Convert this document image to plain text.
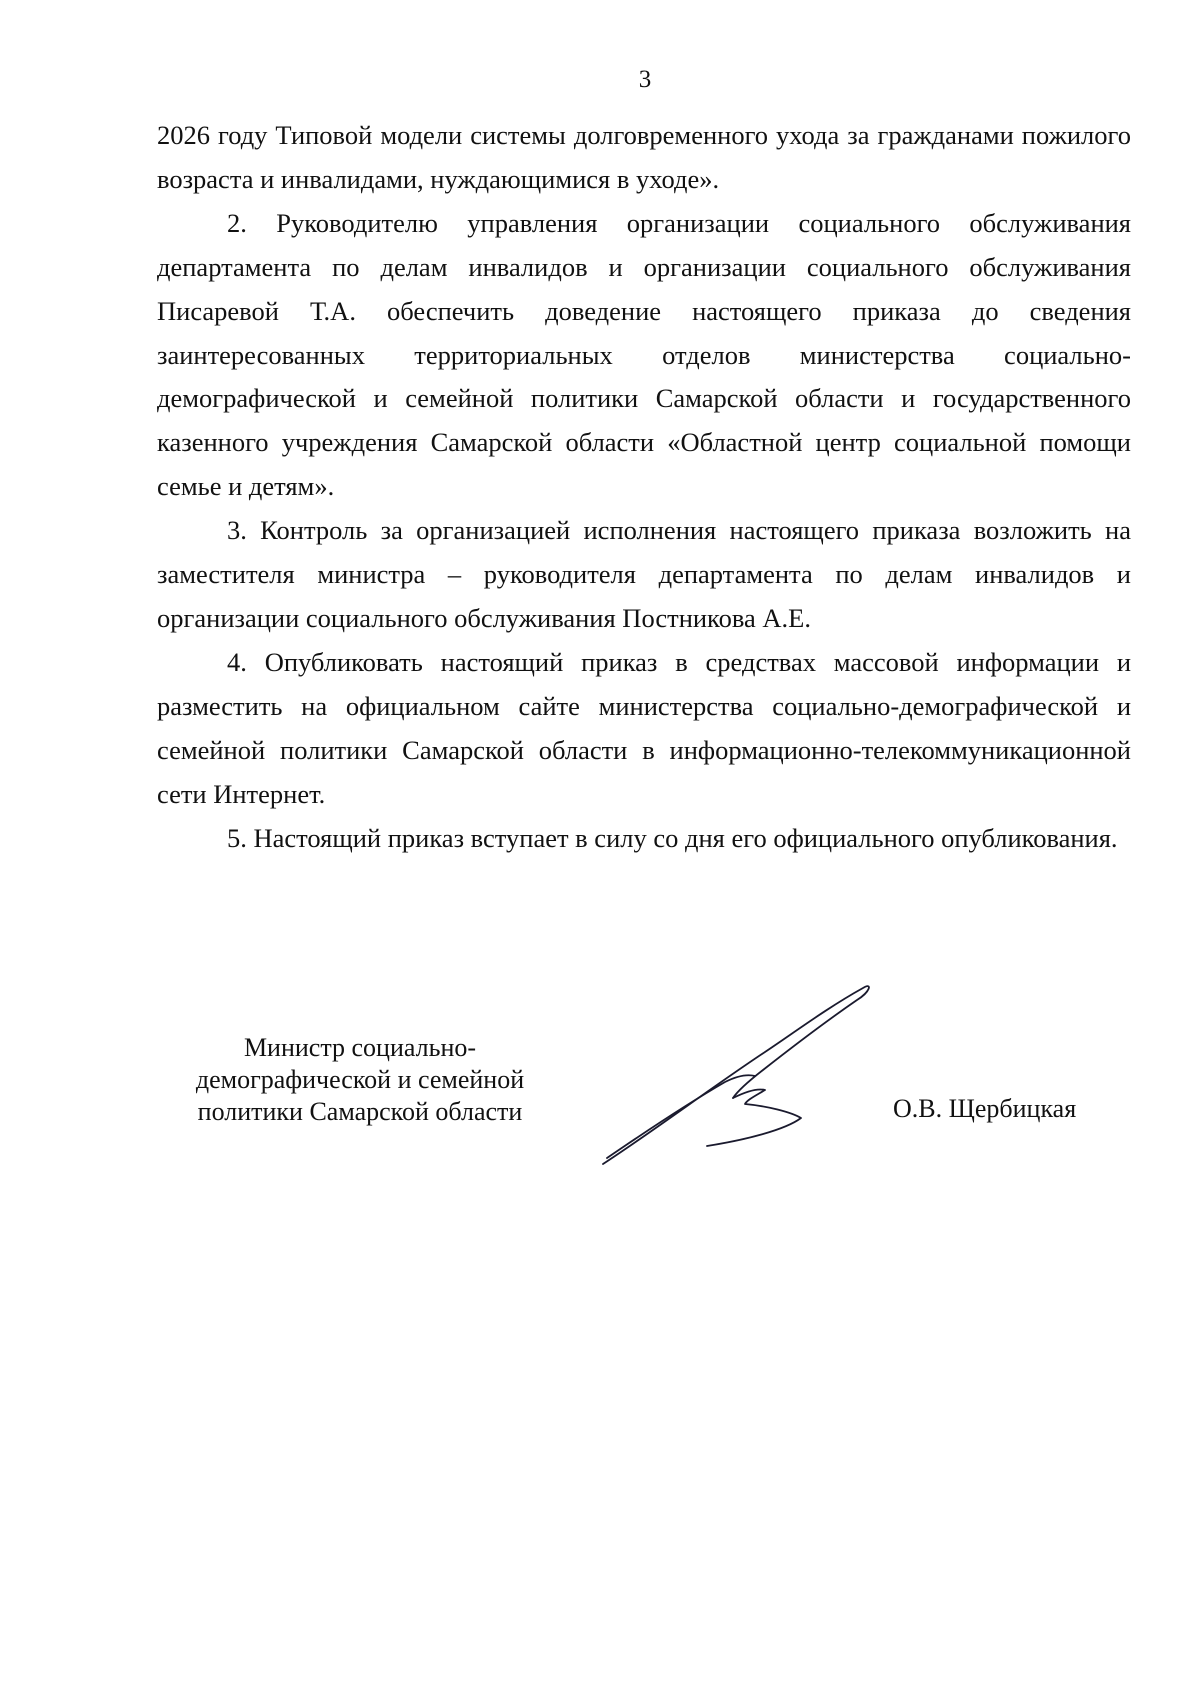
3

2026 году Типовой модели системы долговременного ухода за гражданами пожилого возраста и инвалидами, нуждающимися в уходе».

2. Руководителю управления организации социального обслуживания департамента по делам инвалидов и организации социального обслуживания Писаревой Т.А. обеспечить доведение настоящего приказа до сведения заинтересованных территориальных отделов министерства социально-демографической и семейной политики Самарской области и государственного казенного учреждения Самарской области «Областной центр социальной помощи семье и детям».

3. Контроль за организацией исполнения настоящего приказа возложить на заместителя министра – руководителя департамента по делам инвалидов и организации социального обслуживания Постникова А.Е.

4. Опубликовать настоящий приказ в средствах массовой информации и разместить на официальном сайте министерства социально-демографической и семейной политики Самарской области в информационно-телекоммуникационной сети Интернет.

5. Настоящий приказ вступает в силу со дня его официального опубликования.

Министр социально-
демографической и семейной
политики Самарской области	О.В. Щербицкая
